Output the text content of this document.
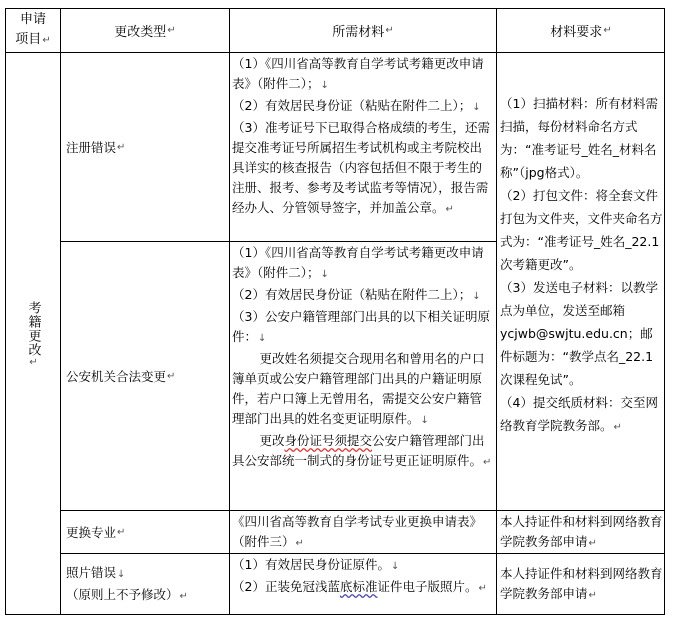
申请
项目↵
更改类型 ↵	所需材料 ↵	材料要求 ↵
考籍更改
↵
注册错误 ↵

（1）《四川省高等教育自学考试考籍更改申请表》（附件二）；↓

（2）有效居民身份证（粘贴在附件二上）；↓

（3）准考证号下已取得合格成绩的考生，还需提交准考证号所属招生考试机构或主考院校出具详实的核查报告（内容包括但不限于考生的注册、报考、参考及考试监考等情况），报告需经办人、分管领导签字，并加盖公章。↵

公安机关合法变更 ↵

（1）《四川省高等教育自学考试考籍更改申请表》（附件二）；↓

（2）有效居民身份证（粘贴在附件二上）；↓

（3）公安户籍管理部门出具的以下相关证明原件：↓

更改姓名须提交合现用名和曾用名的户口簿单页或公安户籍管理部门出具的户籍证明原件，若户口簿上无曾用名，需提交公安户籍管理部门出具的姓名变更证明原件。↓

更改身份证号须提交公安户籍管理部门出具公安部统一制式的身份证号更正证明原件。↵

（1）扫描材料：所有材料需扫描，每份材料命名方式为：“准考证号_姓名_材料名称”（jpg格式）。

（2）打包文件：将全套文件打包为文件夹，文件夹命名方式为：“准考证号_姓名_22.1次考籍更改”。

（3）发送电子材料：以教学点为单位，发送至邮箱ycjwb@swjtu.edu.cn；邮件标题为：“教学点名_22.1次课程免试”。

（4）提交纸质材料：交至网络教育学院教务部。↵

更换专业 ↵

《四川省高等教育自学考试专业更换申请表》（附件三）↵

本人持证件和材料到网络教育学院教务部申请↵

照片错误↓

（原则上不予修改）↵

（1）有效居民身份证原件。↓

（2）正装免冠浅蓝底标准证件电子版照片。↵

本人持证件和材料到网络教育学院教务部申请↵
